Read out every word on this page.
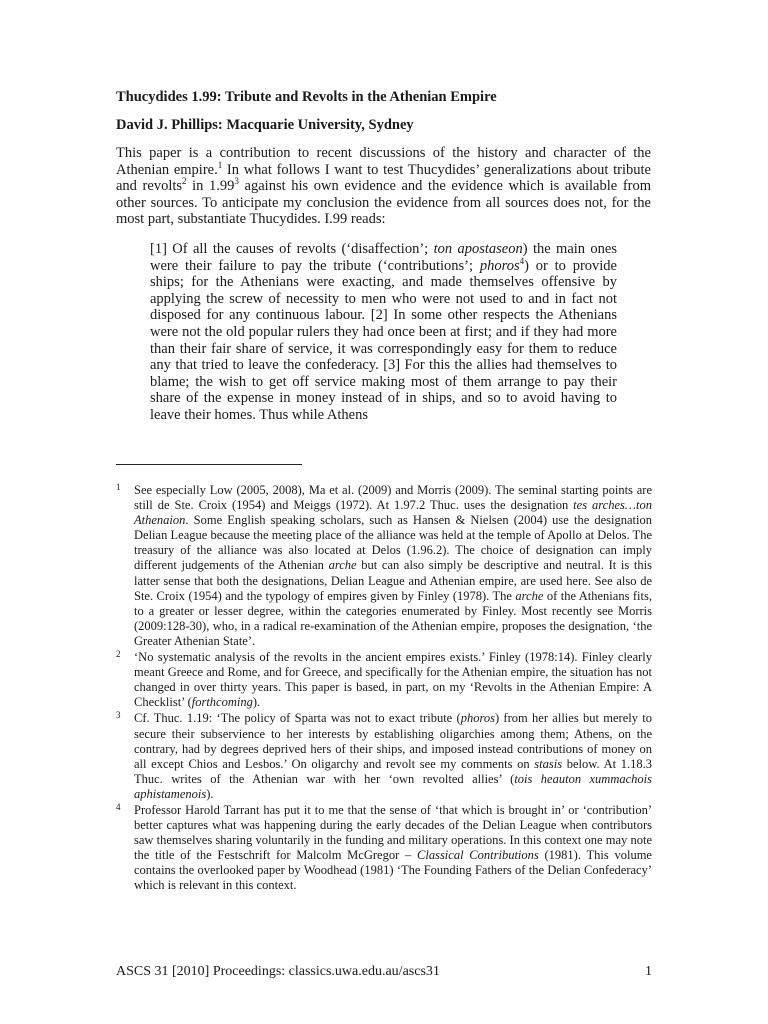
Thucydides 1.99: Tribute and Revolts in the Athenian Empire
David J. Phillips: Macquarie University, Sydney

This paper is a contribution to recent discussions of the history and character of the Athenian empire.$^1$ In what follows I want to test Thucydides’ generalizations about tribute and revolts$^2$ in 1.99$^3$ against his own evidence and the evidence which is available from other sources. To anticipate my conclusion the evidence from all sources does not, for the most part, substantiate Thucydides. I.99 reads:

[1] Of all the causes of revolts (‘disaffection’; ton apostaseon) the main ones were their failure to pay the tribute (‘contributions’; phoros$^4$) or to provide ships; for the Athenians were exacting, and made themselves offensive by applying the screw of necessity to men who were not used to and in fact not disposed for any continuous labour. [2] In some other respects the Athenians were not the old popular rulers they had once been at first; and if they had more than their fair share of service, it was correspondingly easy for them to reduce any that tried to leave the confederacy. [3] For this the allies had themselves to blame; the wish to get off service making most of them arrange to pay their share of the expense in money instead of in ships, and so to avoid having to leave their homes. Thus while Athens

1 See especially Low (2005, 2008), Ma et al. (2009) and Morris (2009). The seminal starting points are still de Ste. Croix (1954) and Meiggs (1972). At 1.97.2 Thuc. uses the designation tes arches…ton Athenaion. Some English speaking scholars, such as Hansen & Nielsen (2004) use the designation Delian League because the meeting place of the alliance was held at the temple of Apollo at Delos. The treasury of the alliance was also located at Delos (1.96.2). The choice of designation can imply different judgements of the Athenian arche but can also simply be descriptive and neutral. It is this latter sense that both the designations, Delian League and Athenian empire, are used here. See also de Ste. Croix (1954) and the typology of empires given by Finley (1978). The arche of the Athenians fits, to a greater or lesser degree, within the categories enumerated by Finley. Most recently see Morris (2009:128-30), who, in a radical re-examination of the Athenian empire, proposes the designation, ‘the Greater Athenian State’.
2 ‘No systematic analysis of the revolts in the ancient empires exists.’ Finley (1978:14). Finley clearly meant Greece and Rome, and for Greece, and specifically for the Athenian empire, the situation has not changed in over thirty years. This paper is based, in part, on my ‘Revolts in the Athenian Empire: A Checklist’ (forthcoming).
3 Cf. Thuc. 1.19: ‘The policy of Sparta was not to exact tribute (phoros) from her allies but merely to secure their subservience to her interests by establishing oligarchies among them; Athens, on the contrary, had by degrees deprived hers of their ships, and imposed instead contributions of money on all except Chios and Lesbos.’ On oligarchy and revolt see my comments on stasis below. At 1.18.3 Thuc. writes of the Athenian war with her ‘own revolted allies’ (tois heauton xummachois aphistamenois).
4 Professor Harold Tarrant has put it to me that the sense of ‘that which is brought in’ or ‘contribution’ better captures what was happening during the early decades of the Delian League when contributors saw themselves sharing voluntarily in the funding and military operations. In this context one may note the title of the Festschrift for Malcolm McGregor – Classical Contributions (1981). This volume contains the overlooked paper by Woodhead (1981) ‘The Founding Fathers of the Delian Confederacy’ which is relevant in this context.
ASCS 31 [2010] Proceedings: classics.uwa.edu.au/ascs31	1
